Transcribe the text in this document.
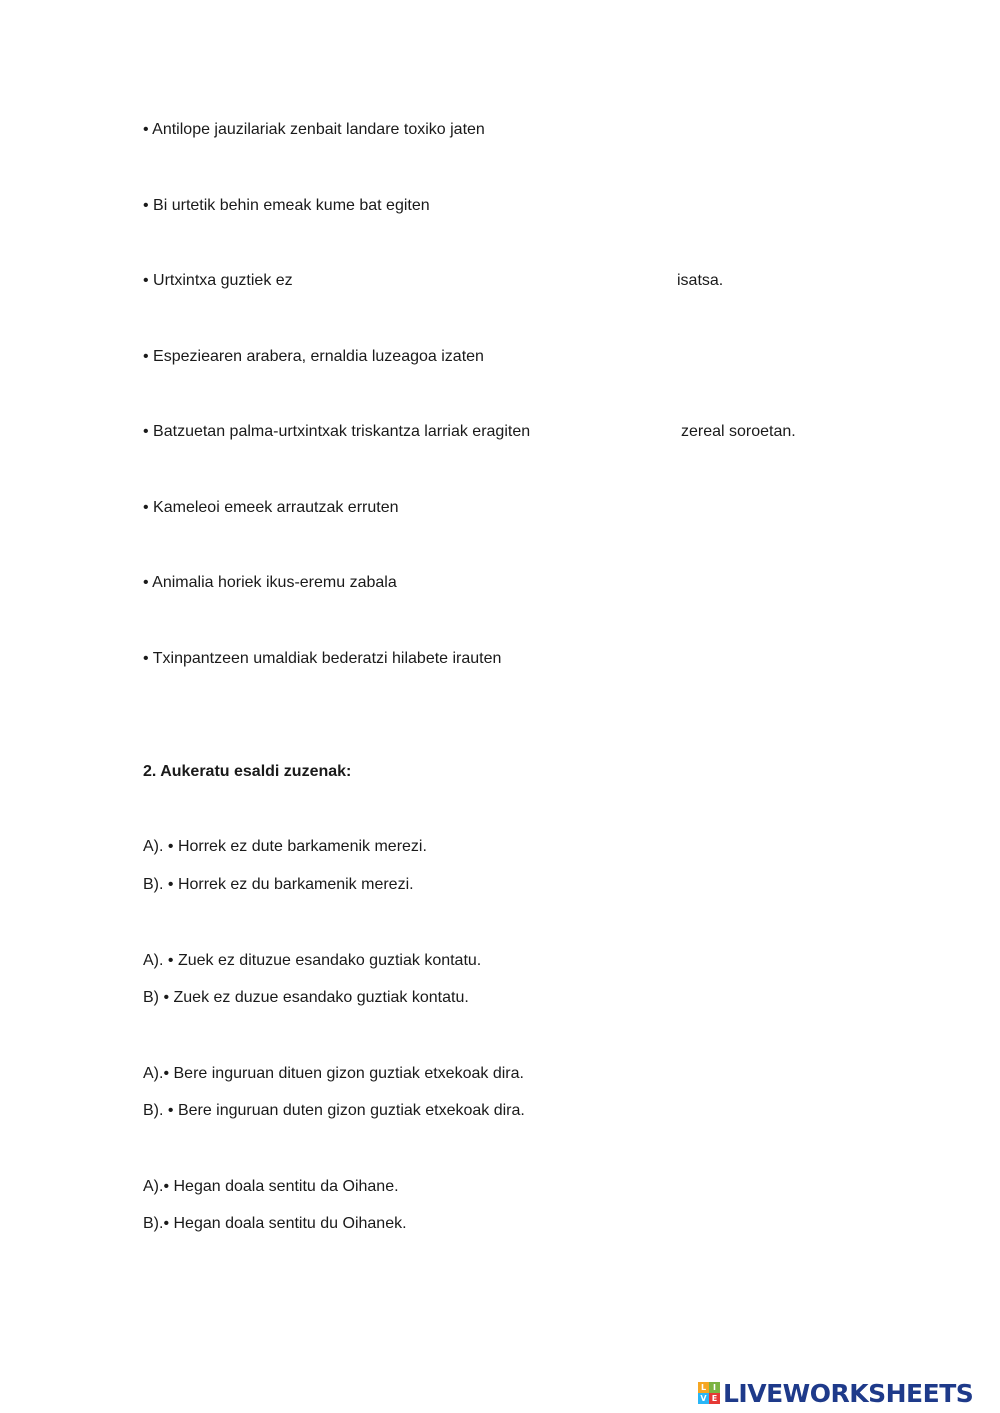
• Antilope jauzilariak zenbait landare toxiko jaten
• Bi urtetik behin emeak kume bat egiten
• Urtxintxa guztiek ez	isatsa.
• Espeziearen arabera, ernaldia luzeagoa izaten
• Batzuetan palma-urtxintxak triskantza larriak eragiten	zereal soroetan.
• Kameleoi emeek arrautzak erruten
• Animalia horiek ikus-eremu zabala
• Txinpantzeen umaldiak bederatzi hilabete irauten
2. Aukeratu esaldi zuzenak:
A). • Horrek ez dute barkamenik merezi.
B). • Horrek ez du barkamenik merezi.
A). • Zuek ez dituzue esandako guztiak kontatu.
B) • Zuek ez duzue esandako guztiak kontatu.
A).• Bere inguruan dituen gizon guztiak etxekoak dira.
B). • Bere inguruan duten gizon guztiak etxekoak dira.
A).• Hegan doala sentitu da Oihane.
B).• Hegan doala sentitu du Oihanek.
L I
V E LIVEWORKSHEETS
